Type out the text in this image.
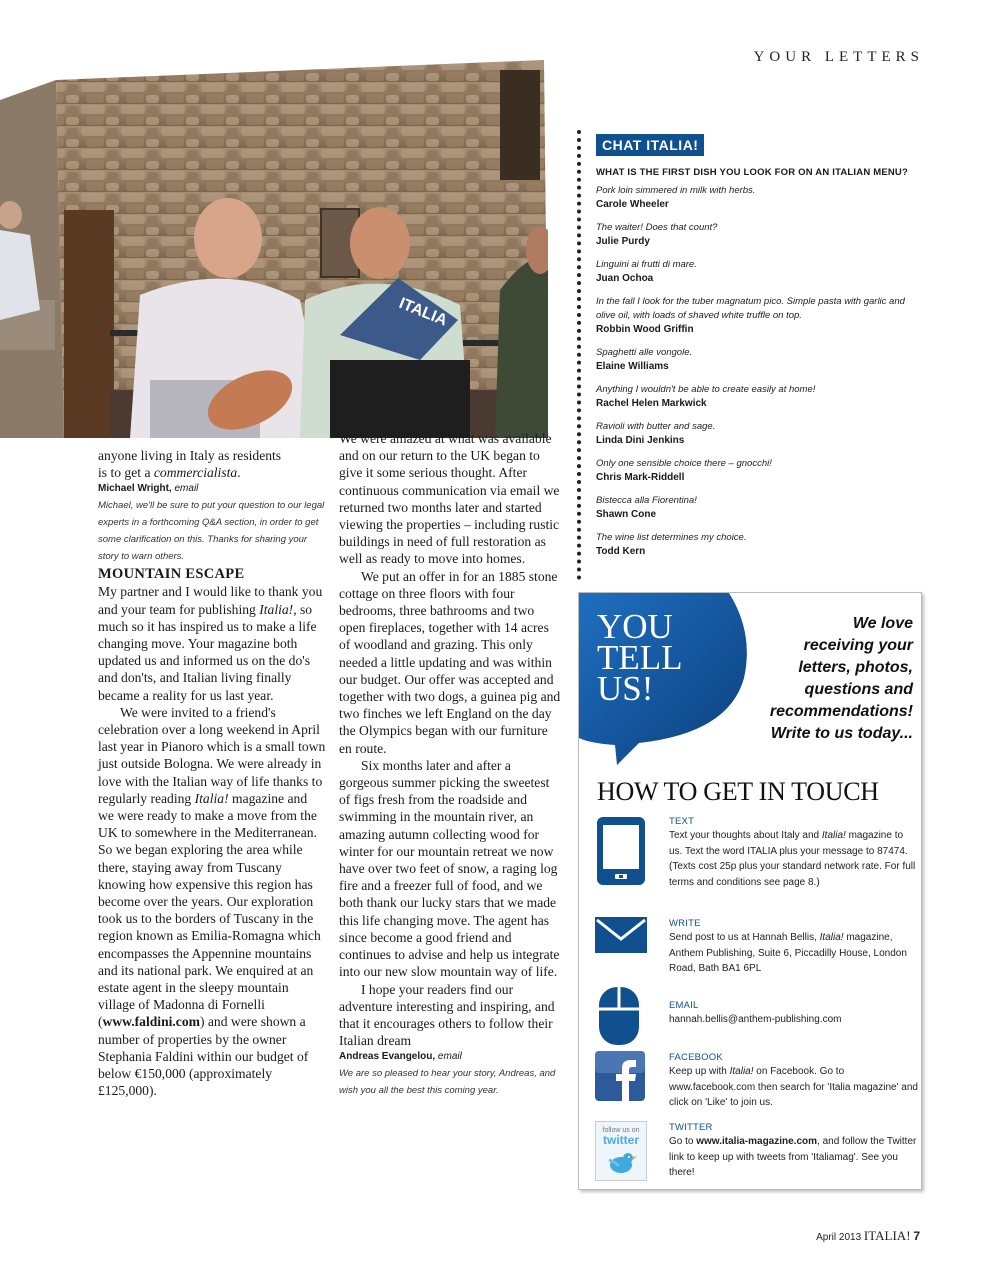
YOUR LETTERS
ITALIA

anyone living in Italy as residents
is to get a commercialista.

Michael Wright, email

Michael, we'll be sure to put your question to our legal experts in a forthcoming Q&A section, in order to get some clarification on this. Thanks for sharing your story to warn others.

MOUNTAIN ESCAPE

My partner and I would like to thank you and your team for publishing Italia!, so much so it has inspired us to make a life changing move. Your magazine both updated us and informed us on the do's and don'ts, and Italian living finally became a reality for us last year.

We were invited to a friend's celebration over a long weekend in April last year in Pianoro which is a small town just outside Bologna. We were already in love with the Italian way of life thanks to regularly reading Italia! magazine and we were ready to make a move from the UK to somewhere in the Mediterranean. So we began exploring the area while there, staying away from Tuscany knowing how expensive this region has become over the years. Our exploration took us to the borders of Tuscany in the region known as Emilia-Romagna which encompasses the Appennine mountains and its national park. We enquired at an estate agent in the sleepy mountain village of Madonna di Fornelli (www.faldini.com) and were shown a number of properties by the owner Stephania Faldini within our budget of below €150,000 (approximately £125,000).

We were amazed at what was available and on our return to the UK began to give it some serious thought. After continuous communication via email we returned two months later and started viewing the properties – including rustic buildings in need of full restoration as well as ready to move into homes.

We put an offer in for an 1885 stone cottage on three floors with four bedrooms, three bathrooms and two open fireplaces, together with 14 acres of woodland and grazing. This only needed a little updating and was within our budget. Our offer was accepted and together with two dogs, a guinea pig and two finches we left England on the day the Olympics began with our furniture en route.

Six months later and after a gorgeous summer picking the sweetest of figs fresh from the roadside and swimming in the mountain river, an amazing autumn collecting wood for winter for our mountain retreat we now have over two feet of snow, a raging log fire and a freezer full of food, and we both thank our lucky stars that we made this life changing move. The agent has since become a good friend and continues to advise and help us integrate into our new slow mountain way of life.

I hope your readers find our adventure interesting and inspiring, and that it encourages others to follow their Italian dream

Andreas Evangelou, email

We are so pleased to hear your story, Andreas, and wish you all the best this coming year.

CHAT ITALIA!
WHAT IS THE FIRST DISH YOU LOOK FOR ON AN ITALIAN MENU?
Pork loin simmered in milk with herbs.
Carole Wheeler
The waiter! Does that count?
Julie Purdy
Linguini ai frutti di mare.
Juan Ochoa
In the fall I look for the tuber magnatum pico. Simple pasta with garlic and olive oil, with loads of shaved white truffle on top.
Robbin Wood Griffin
Spaghetti alle vongole.
Elaine Williams
Anything I wouldn't be able to create easily at home!
Rachel Helen Markwick
Ravioli with butter and sage.
Linda Dini Jenkins
Only one sensible choice there – gnocchi!
Chris Mark-Riddell
Bistecca alla Fiorentina!
Shawn Cone
The wine list determines my choice.
Todd Kern
YOU
TELL
US!
We love
receiving your
letters, photos,
questions and
recommendations!
Write to us today...
HOW TO GET IN TOUCH
TEXT
Text your thoughts about Italy and Italia! magazine to us. Text the word ITALIA plus your message to 87474. (Texts cost 25p plus your standard network rate. For full terms and conditions see page 8.)
WRITE
Send post to us at Hannah Bellis, Italia! magazine, Anthem Publishing, Suite 6, Piccadilly House, London Road, Bath BA1 6PL
EMAIL
hannah.bellis@anthem-publishing.com
FACEBOOK
Keep up with Italia! on Facebook. Go to www.facebook.com then search for 'Italia magazine' and click on 'Like' to join us.
follow us on
twitter
TWITTER
Go to www.italia-magazine.com, and follow the Twitter link to keep up with tweets from 'Italiamag'. See you there!
April 2013 ITALIA! 7
